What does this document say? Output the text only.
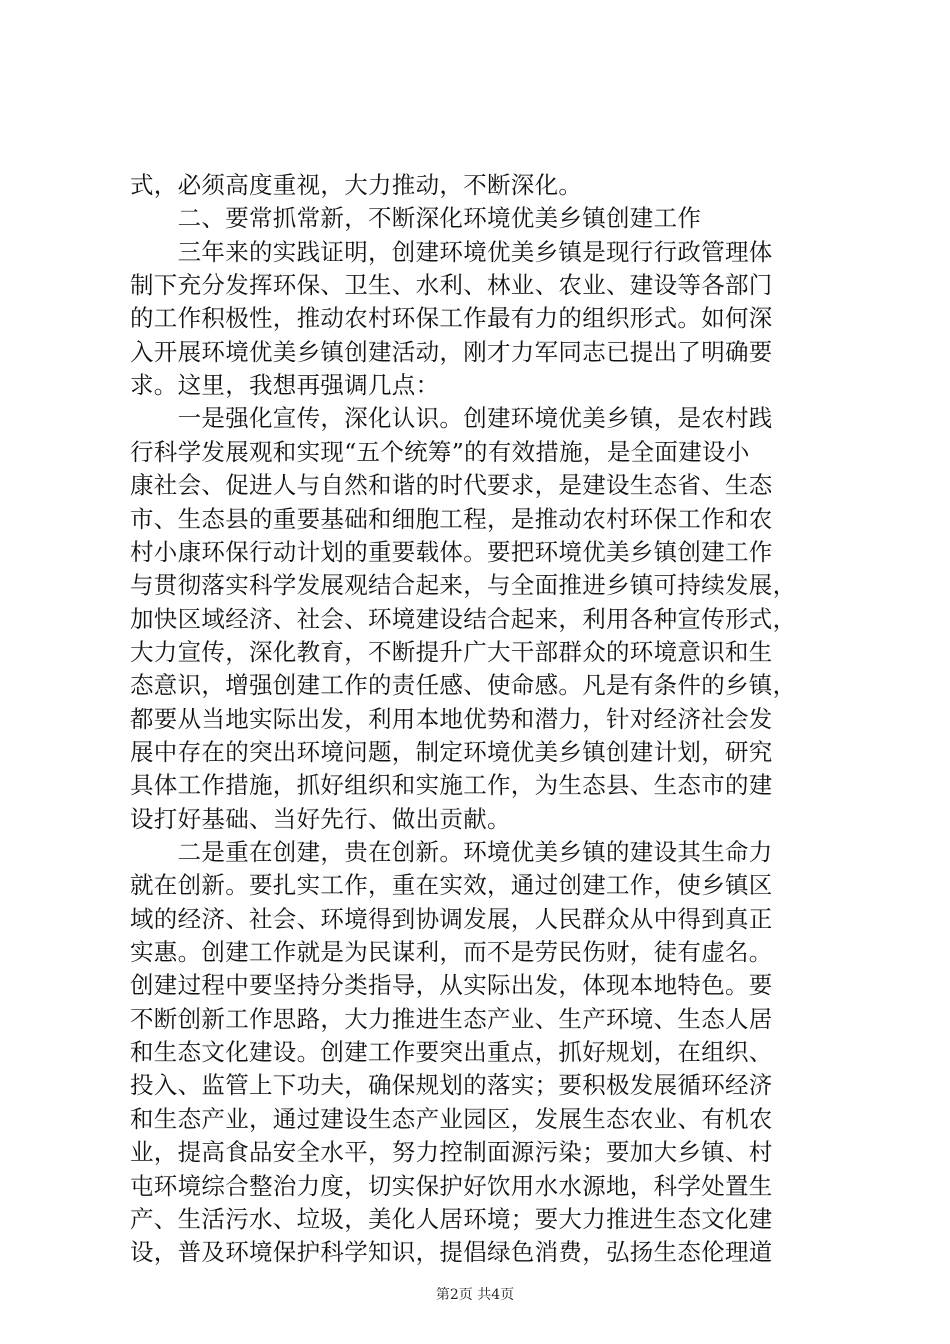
式，必须高度重视，大力推动，不断深化。
　　二、要常抓常新，不断深化环境优美乡镇创建工作
　　三年来的实践证明，创建环境优美乡镇是现行行政管理体
制下充分发挥环保、卫生、水利、林业、农业、建设等各部门
的工作积极性，推动农村环保工作最有力的组织形式。如何深
入开展环境优美乡镇创建活动，刚才力军同志已提出了明确要
求。这里，我想再强调几点：
　　一是强化宣传，深化认识。创建环境优美乡镇，是农村践
行科学发展观和实现“五个统筹”的有效措施，是全面建设小
康社会、促进人与自然和谐的时代要求，是建设生态省、生态
市、生态县的重要基础和细胞工程，是推动农村环保工作和农
村小康环保行动计划的重要载体。要把环境优美乡镇创建工作
与贯彻落实科学发展观结合起来，与全面推进乡镇可持续发展，
加快区域经济、社会、环境建设结合起来，利用各种宣传形式，
大力宣传，深化教育，不断提升广大干部群众的环境意识和生
态意识，增强创建工作的责任感、使命感。凡是有条件的乡镇，
都要从当地实际出发，利用本地优势和潜力，针对经济社会发
展中存在的突出环境问题，制定环境优美乡镇创建计划，研究
具体工作措施，抓好组织和实施工作，为生态县、生态市的建
设打好基础、当好先行、做出贡献。
　　二是重在创建，贵在创新。环境优美乡镇的建设其生命力
就在创新。要扎实工作，重在实效，通过创建工作，使乡镇区
域的经济、社会、环境得到协调发展，人民群众从中得到真正
实惠。创建工作就是为民谋利，而不是劳民伤财，徒有虚名。
创建过程中要坚持分类指导，从实际出发，体现本地特色。要
不断创新工作思路，大力推进生态产业、生产环境、生态人居
和生态文化建设。创建工作要突出重点，抓好规划，在组织、
投入、监管上下功夫，确保规划的落实；要积极发展循环经济
和生态产业，通过建设生态产业园区，发展生态农业、有机农
业，提高食品安全水平，努力控制面源污染；要加大乡镇、村
屯环境综合整治力度，切实保护好饮用水水源地，科学处置生
产、生活污水、垃圾，美化人居环境；要大力推进生态文化建
设，普及环境保护科学知识，提倡绿色消费，弘扬生态伦理道
第2页 共4页
